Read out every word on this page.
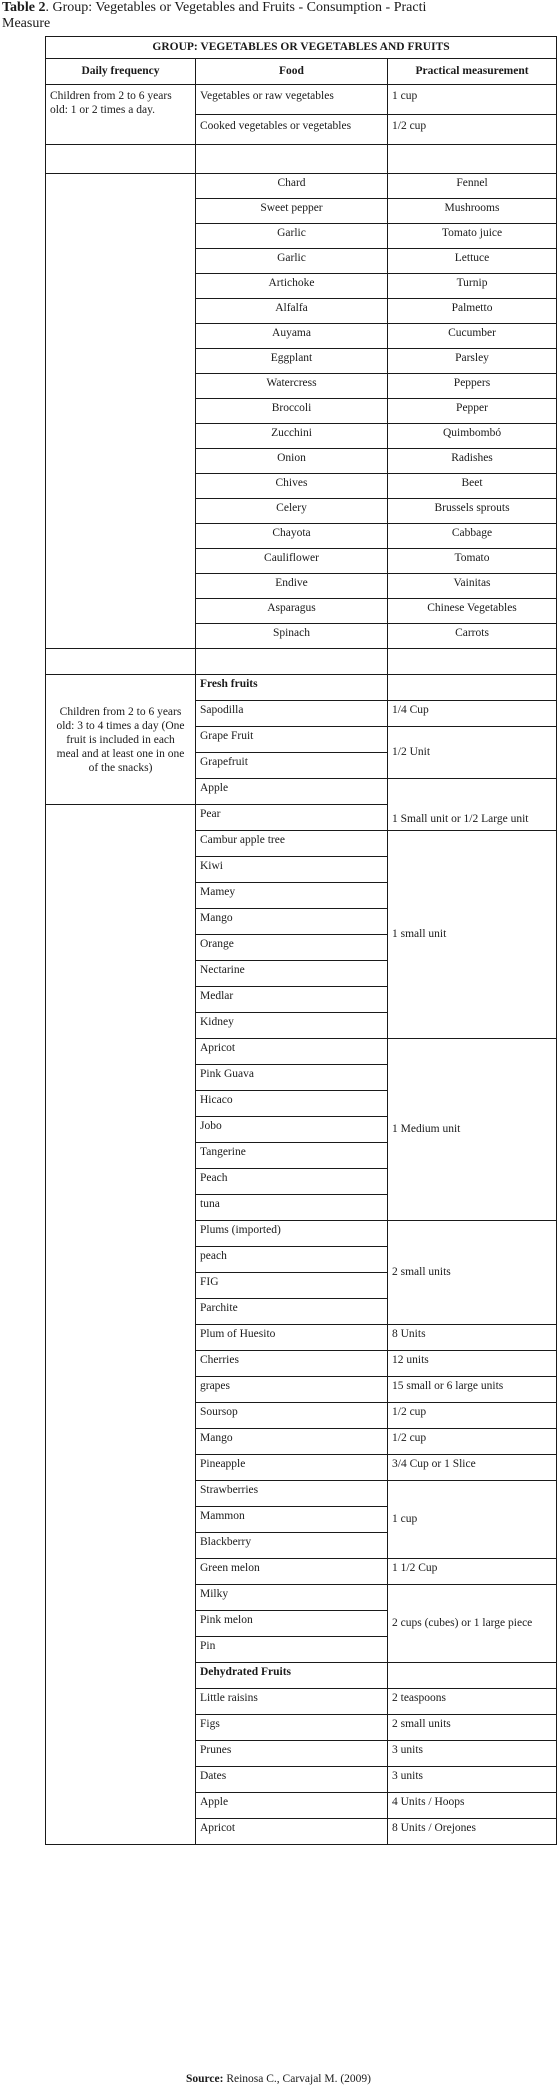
Table 2. Group: Vegetables or Vegetables and Fruits - Consumption - Practi
Measure
GROUP: VEGETABLES OR VEGETABLES AND FRUITS		
Daily frequency	Food	Practical measurement
Children from 2 to 6 years old: 1 or 2 times a day.	Vegetables or raw vegetables	1 cup
	Cooked vegetables or vegetables	1/2 cup

	Chard	Fennel
	Sweet pepper	Mushrooms
	Garlic	Tomato juice
	Garlic	Lettuce
	Artichoke	Turnip
	Alfalfa	Palmetto
	Auyama	Cucumber
	Eggplant	Parsley
	Watercress	Peppers
	Broccoli	Pepper
	Zucchini	Quimbombó
	Onion	Radishes
	Chives	Beet
	Celery	Brussels sprouts
	Chayota	Cabbage
	Cauliflower	Tomato
	Endive	Vainitas
	Asparagus	Chinese Vegetables
	Spinach	Carrots

Children from 2 to 6 years old: 3 to 4 times a day (One fruit is included in each meal and at least one in one of the snacks)	Fresh fruits	
	Sapodilla	1/4 Cup
	Grape Fruit	1/2 Unit
	Grapefruit	
	Apple	1 Small unit or 1/2 Large unit
	Pear	
	Cambur apple tree	1 small unit
	Kiwi	
	Mamey	
	Mango	
	Orange	
	Nectarine	
	Medlar	
	Kidney	
	Apricot	1 Medium unit
	Pink Guava	
	Hicaco	
	Jobo	
	Tangerine	
	Peach	
	tuna	
	Plums (imported)	2 small units
	peach	
	FIG	
	Parchite	
	Plum of Huesito	8 Units
	Cherries	12 units
	grapes	15 small or 6 large units
	Soursop	1/2 cup
	Mango	1/2 cup
	Pineapple	3/4 Cup or 1 Slice
	Strawberries	1 cup
	Mammon	
	Blackberry	
	Green melon	1 1/2 Cup
	Milky	2 cups (cubes) or 1 large piece
	Pink melon	
	Pin	
	Dehydrated Fruits	
	Little raisins	2 teaspoons
	Figs	2 small units
	Prunes	3 units
	Dates	3 units
	Apple	4 Units / Hoops
	Apricot	8 Units / Orejones
Source: Reinosa C., Carvajal M. (2009)
